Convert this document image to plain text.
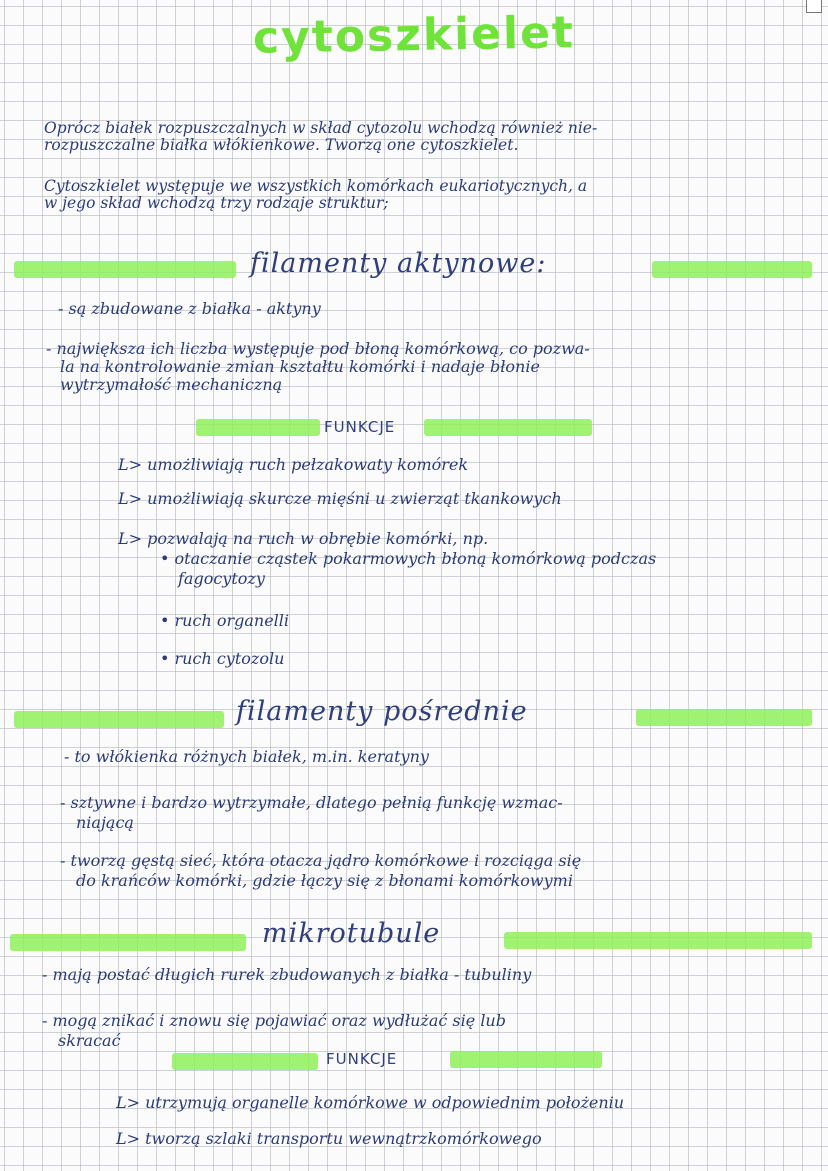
cytoszkielet
Oprócz białek rozpuszczalnych w skład cytozolu wchodzą również nie-
rozpuszczalne białka włókienkowe. Tworzą one cytoszkielet.
Cytoszkielet występuje we wszystkich komórkach eukariotycznych, a
w jego skład wchodzą trzy rodzaje struktur;
filamenty aktynowe:
- są zbudowane z białka - aktyny
- największa ich liczba występuje pod błoną komórkową, co pozwa-
la na kontrolowanie zmian kształtu komórki i nadaje błonie
wytrzymałość mechaniczną
FUNKCJE
L> umożliwiają ruch pełzakowaty komórek
L> umożliwiają skurcze mięśni u zwierząt tkankowych
L> pozwalają na ruch w obrębie komórki, np.
• otaczanie cząstek pokarmowych błoną komórkową podczas
fagocytozy
• ruch organelli
• ruch cytozolu
filamenty pośrednie
- to włókienka różnych białek, m.in. keratyny
- sztywne i bardzo wytrzymałe, dlatego pełnią funkcję wzmac-
niającą
- tworzą gęstą sieć, która otacza jądro komórkowe i rozciąga się
do krańców komórki, gdzie łączy się z błonami komórkowymi
mikrotubule
- mają postać długich rurek zbudowanych z białka - tubuliny
- mogą znikać i znowu się pojawiać oraz wydłużać się lub
skracać
FUNKCJE
L> utrzymują organelle komórkowe w odpowiednim położeniu
L> tworzą szlaki transportu wewnątrzkomórkowego
